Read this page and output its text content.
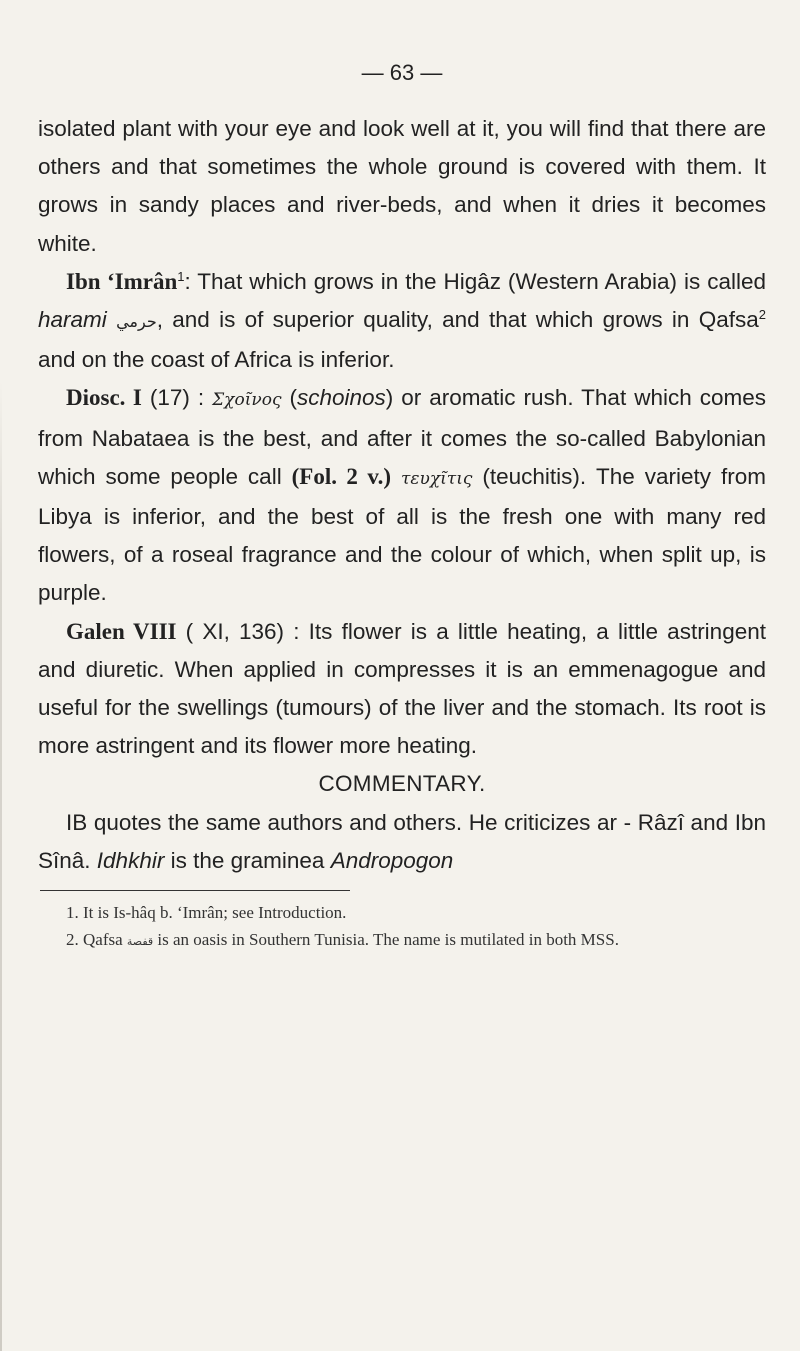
— 63 —

isolated plant with your eye and look well at it, you will find that there are others and that sometimes the whole ground is covered with them. It grows in sandy places and river-beds, and when it dries it becomes white.

Ibn ‘Imrân$^1$: That which grows in the Higâz (Western Arabia) is called harami حرمي, and is of superior quality, and that which grows in Qafsa$^2$ and on the coast of Africa is inferior.

Diosc. I (17) : Σχοῖνος (schoinos) or aromatic rush. That which comes from Nabataea is the best, and after it comes the so-called Babylonian which some people call (Fol. 2 v.) τευχῖτις (teuchitis). The variety from Libya is inferior, and the best of all is the fresh one with many red flowers, of a roseal fragrance and the colour of which, when split up, is purple.

Galen VIII ( XI, 136) : Its flower is a little heating, a little astringent and diuretic. When applied in compresses it is an emmenagogue and useful for the swellings (tumours) of the liver and the stomach. Its root is more astringent and its flower more heating.

COMMENTARY.

IB quotes the same authors and others. He criticizes ar - Râzî and Ibn Sînâ. Idhkhir is the graminea Andropogon

1. It is Is-hâq b. ‘Imrân; see Introduction.

2. Qafsa قفصة is an oasis in Southern Tunisia. The name is mutilated in both MSS.
